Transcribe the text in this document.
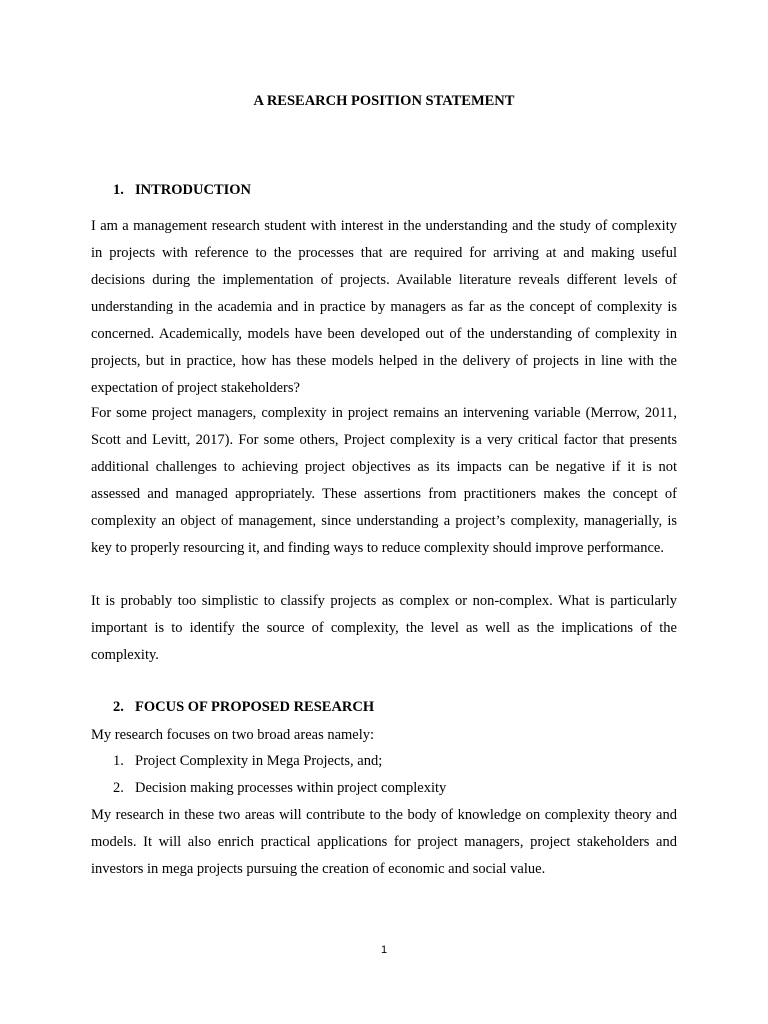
A RESEARCH POSITION STATEMENT
1. INTRODUCTION

I am a management research student with interest in the understanding and the study of complexity in projects with reference to the processes that are required for arriving at and making useful decisions during the implementation of projects. Available literature reveals different levels of understanding in the academia and in practice by managers as far as the concept of complexity is concerned. Academically, models have been developed out of the understanding of complexity in projects, but in practice, how has these models helped in the delivery of projects in line with the expectation of project stakeholders?

For some project managers, complexity in project remains an intervening variable (Merrow, 2011, Scott and Levitt, 2017). For some others, Project complexity is a very critical factor that presents additional challenges to achieving project objectives as its impacts can be negative if it is not assessed and managed appropriately. These assertions from practitioners makes the concept of complexity an object of management, since understanding a project’s complexity, managerially, is key to properly resourcing it, and finding ways to reduce complexity should improve performance.

It is probably too simplistic to classify projects as complex or non-complex. What is particularly important is to identify the source of complexity, the level as well as the implications of the complexity.

2. FOCUS OF PROPOSED RESEARCH

My research focuses on two broad areas namely:

1. Project Complexity in Mega Projects, and;
2. Decision making processes within project complexity

My research in these two areas will contribute to the body of knowledge on complexity theory and models. It will also enrich practical applications for project managers, project stakeholders and investors in mega projects pursuing the creation of economic and social value.

1
